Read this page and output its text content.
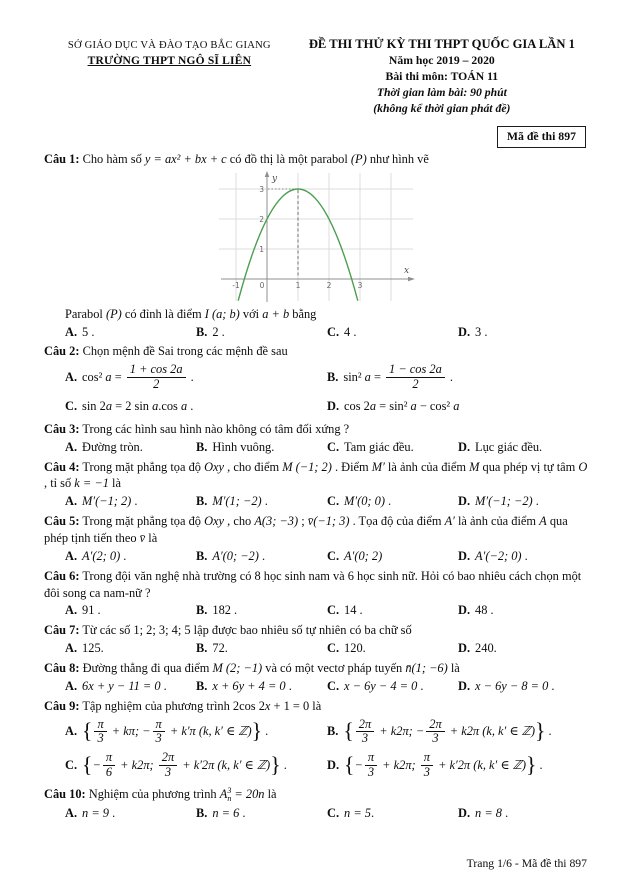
SỞ GIÁO DỤC VÀ ĐÀO TẠO BẮC GIANG
TRƯỜNG THPT NGÔ SĨ LIÊN
ĐỀ THI THỬ KỲ THI THPT QUỐC GIA LẦN 1
Năm học 2019 – 2020
Bài thi môn: TOÁN 11
Thời gian làm bài: 90 phút
(không kể thời gian phát đề)
Mã đề thi 897
Câu 1: Cho hàm số y = ax² + bx + c có đồ thị là một parabol (P) như hình vẽ
y
x
3
2
1
-1	0	1	2	3
Parabol (P) có đỉnh là điểm I (a; b) với a + b bằng
A. 5 .	B. 2 .	C. 4 .	D. 3 .
Câu 2: Chọn mệnh đề Sai trong các mệnh đề sau
A. cos² $a = \frac{1 + \cos 2a}{2}$ .	B. sin² $a = \frac{1 - \cos 2a}{2}$ .
C. sin 2a = 2 sin a.cos a .	D. cos 2a = sin² a − cos² a
Câu 3: Trong các hình sau hình nào không có tâm đối xứng ?
A. Đường tròn.	B. Hình vuông.	C. Tam giác đều.	D. Lục giác đều.
Câu 4: Trong mặt phẳng tọa độ Oxy , cho điểm M (−1; 2) . Điểm M′ là ảnh của điểm M qua phép vị tự tâm O , tỉ số k = −1 là
A. M′(−1; 2) .	B. M′(1; −2) .	C. M′(0; 0) .	D. M′(−1; −2) .
Câu 5: Trong mặt phẳng tọa độ Oxy , cho A(3; −3) ; v̄(−1; 3) . Tọa độ của điểm A′ là ảnh của điểm A qua phép tịnh tiến theo v̄ là
A. A′(2; 0) .	B. A′(0; −2) .	C. A′(0; 2)	D. A′(−2; 0) .
Câu 6: Trong đội văn nghệ nhà trường có 8 học sinh nam và 6 học sinh nữ. Hỏi có bao nhiêu cách chọn một đôi song ca nam-nữ ?
A. 91 .	B. 182 .	C. 14 .	D. 48 .
Câu 7: Từ các số 1; 2; 3; 4; 5 lập được bao nhiêu số tự nhiên có ba chữ số
A. 125.	B. 72.	C. 120.	D. 240.
Câu 8: Đường thẳng đi qua điểm M (2; −1) và có một vectơ pháp tuyến n̄(1; −6) là
A. 6x + y − 11 = 0 .	B. x + 6y + 4 = 0 .	C. x − 6y − 4 = 0 .	D. x − 6y − 8 = 0 .
Câu 9: Tập nghiệm của phương trình 2cos 2x + 1 = 0 là
A. { $\frac{\pi}{3} + k\pi$; − $\frac{\pi}{3} + k'\pi$ (k, k′ ∈ ℤ)} .	B. { $\frac{2\pi}{3} + k2\pi$; − $\frac{2\pi}{3} + k2\pi$ (k, k′ ∈ ℤ)} .
C. {− $\frac{\pi}{6} + k2\pi$; $\frac{2\pi}{3} + k'2\pi$ (k, k′ ∈ ℤ)} .	D. {− $\frac{\pi}{3} + k2\pi$; $\frac{\pi}{3} + k'2\pi$ (k, k′ ∈ ℤ)} .
Câu 10: Nghiệm của phương trình A 3
n = 20n là
A. n = 9 .	B. n = 6 .	C. n = 5.	D. n = 8 .
Trang 1/6 - Mã đề thi 897
